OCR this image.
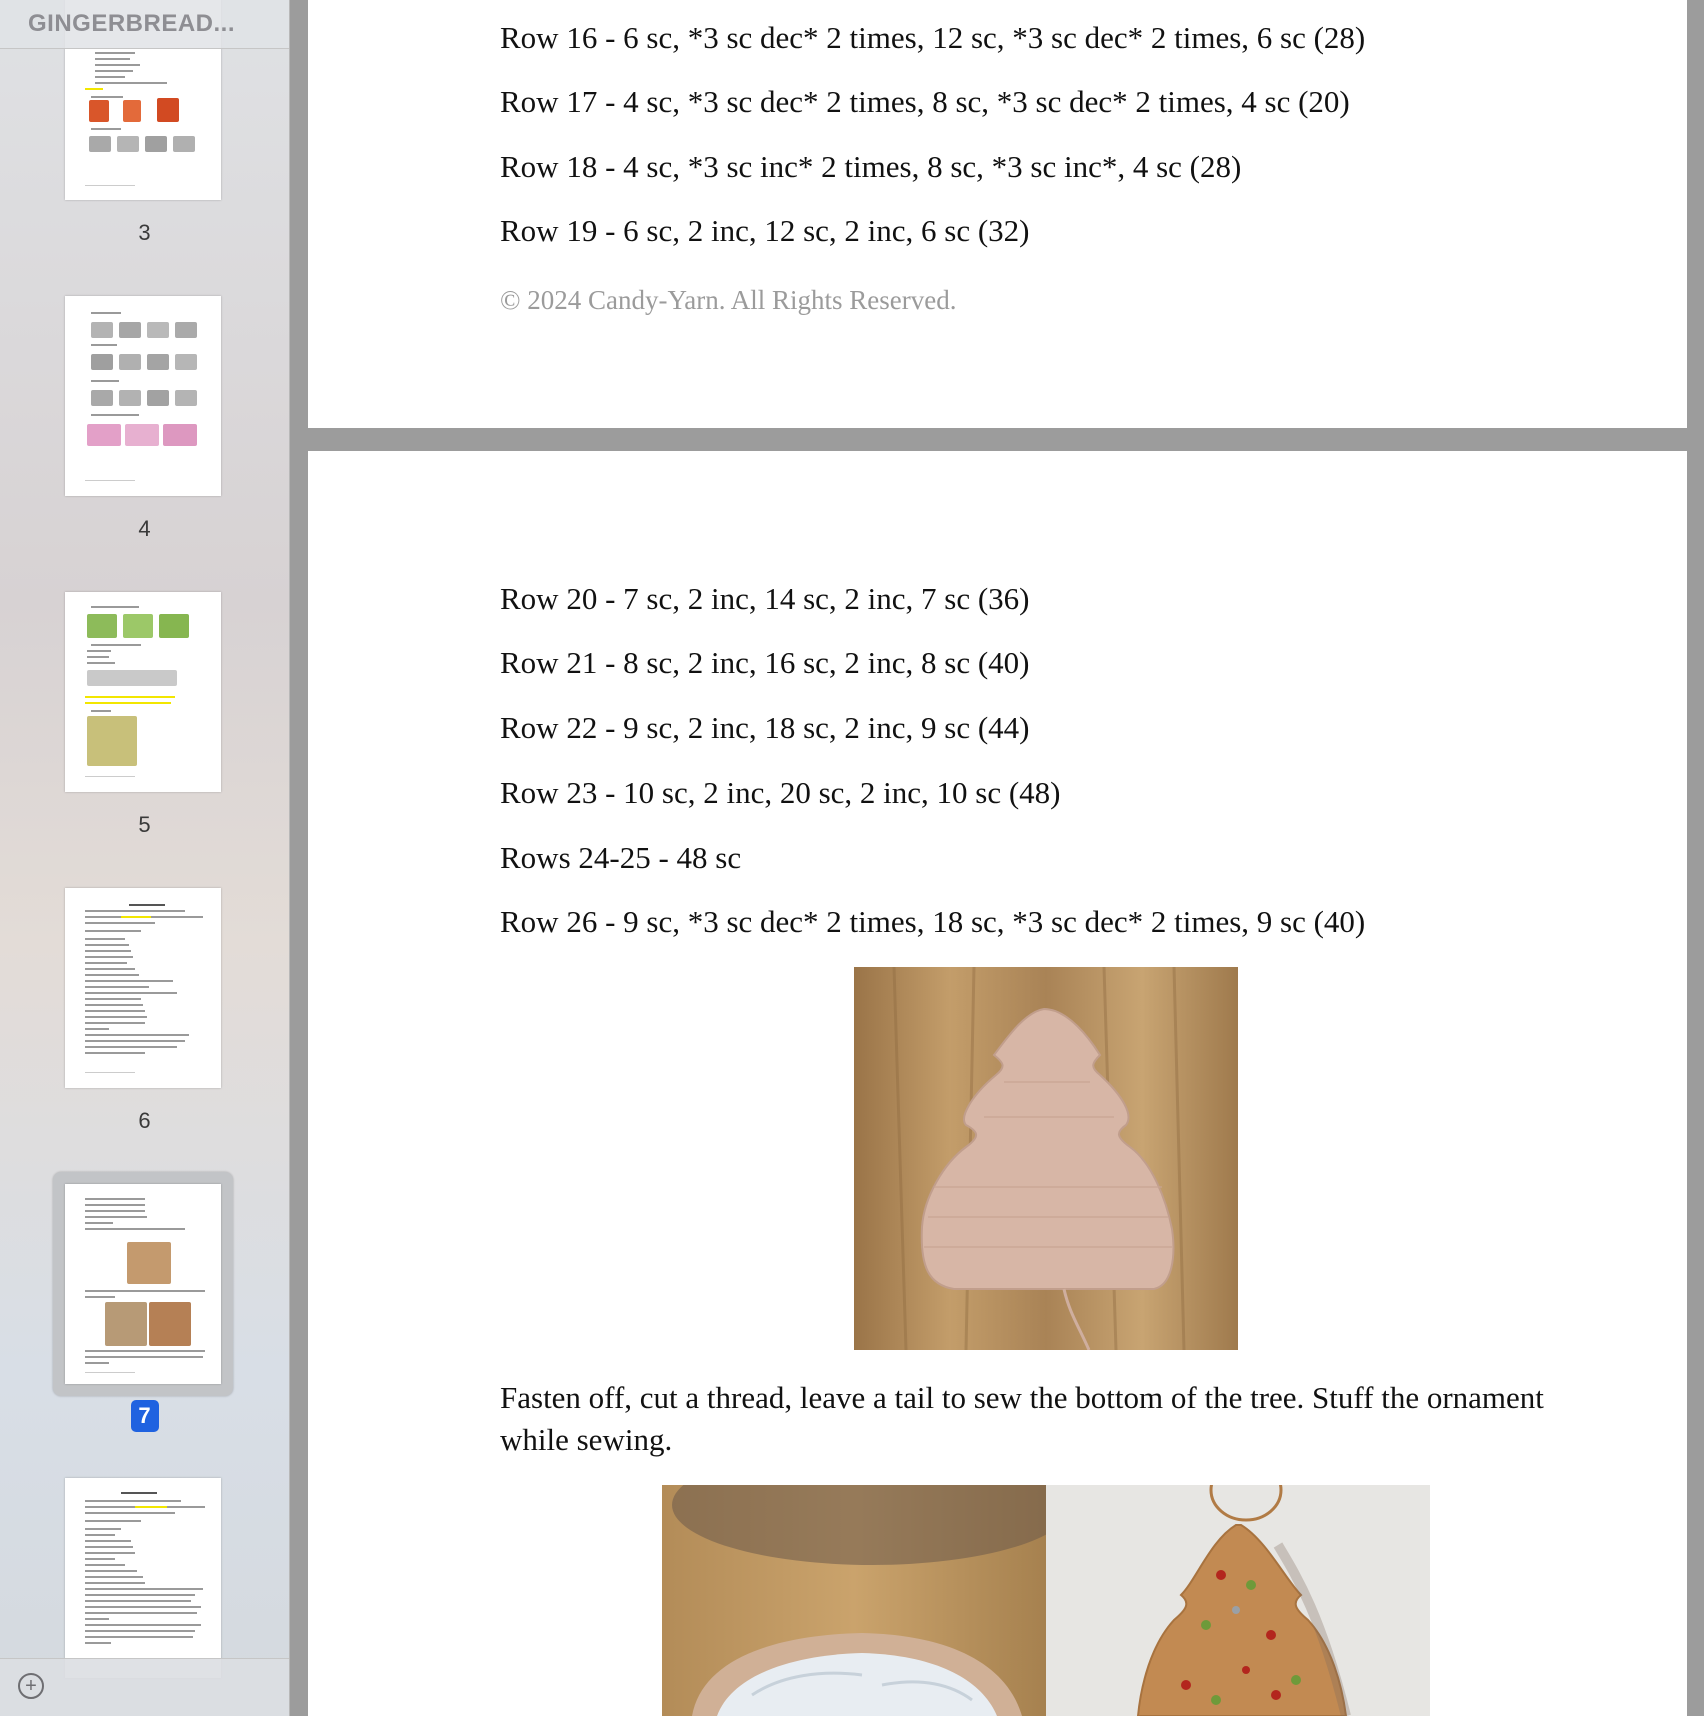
3
4
5
6
7
GINGERBREAD...
+
Row 16 - 6 sc, *3 sc dec* 2 times, 12 sc, *3 sc dec* 2 times, 6 sc (28)
Row 17 - 4 sc, *3 sc dec* 2 times, 8 sc, *3 sc dec* 2 times, 4 sc (20)
Row 18 - 4 sc, *3 sc inc* 2 times, 8 sc, *3 sc inc*, 4 sc (28)
Row 19 - 6 sc, 2 inc, 12 sc, 2 inc, 6 sc (32)
© 2024 Candy-Yarn. All Rights Reserved.
Row 20 - 7 sc, 2 inc, 14 sc, 2 inc, 7 sc (36)
Row 21 - 8 sc, 2 inc, 16 sc, 2 inc, 8 sc (40)
Row 22 - 9 sc, 2 inc, 18 sc, 2 inc, 9 sc (44)
Row 23 - 10 sc, 2 inc, 20 sc, 2 inc, 10 sc (48)
Rows 24-25 - 48 sc
Row 26 - 9 sc, *3 sc dec* 2 times, 18 sc, *3 sc dec* 2 times, 9 sc (40)
Fasten off, cut a thread, leave a tail to sew the bottom of the tree. Stuff the ornament while sewing.
